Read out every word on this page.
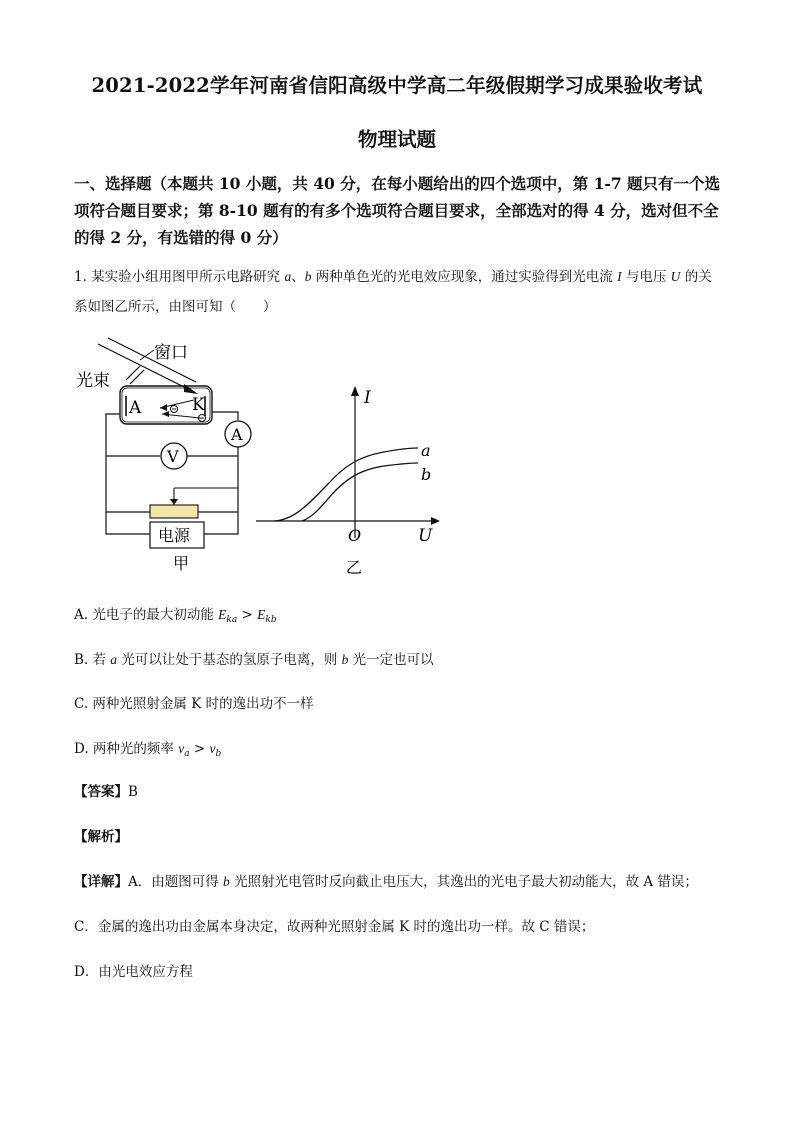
2021-2022学年河南省信阳高级中学高二年级假期学习成果验收考试
物理试题
一、选择题（本题共 10 小题，共 40 分，在每小题给出的四个选项中，第 1-7 题只有一个选项符合题目要求；第 8-10 题有的有多个选项符合题目要求，全部选对的得 4 分，选对但不全的得 2 分，有选错的得 0 分）
1. 某实验小组用图甲所示电路研究 a、b 两种单色光的光电效应现象，通过实验得到光电流 I 与电压 U 的关系如图乙所示，由图可知（　　）
窗口
光束
A	K
A
V
电源
甲
I
U
O
a
b
乙
A. 光电子的最大初动能 $E_{ka} > E_{kb}$
B. 若 a 光可以让处于基态的氢原子电离，则 b 光一定也可以
C. 两种光照射金属 K 时的逸出功不一样
D. 两种光的频率 $\nu_a > \nu_b$
【答案】B
【解析】
【详解】A．由题图可得 b 光照射光电管时反向截止电压大，其逸出的光电子最大初动能大，故 A 错误；
C．金属的逸出功由金属本身决定，故两种光照射金属 K 时的逸出功一样。故 C 错误；
D．由光电效应方程
